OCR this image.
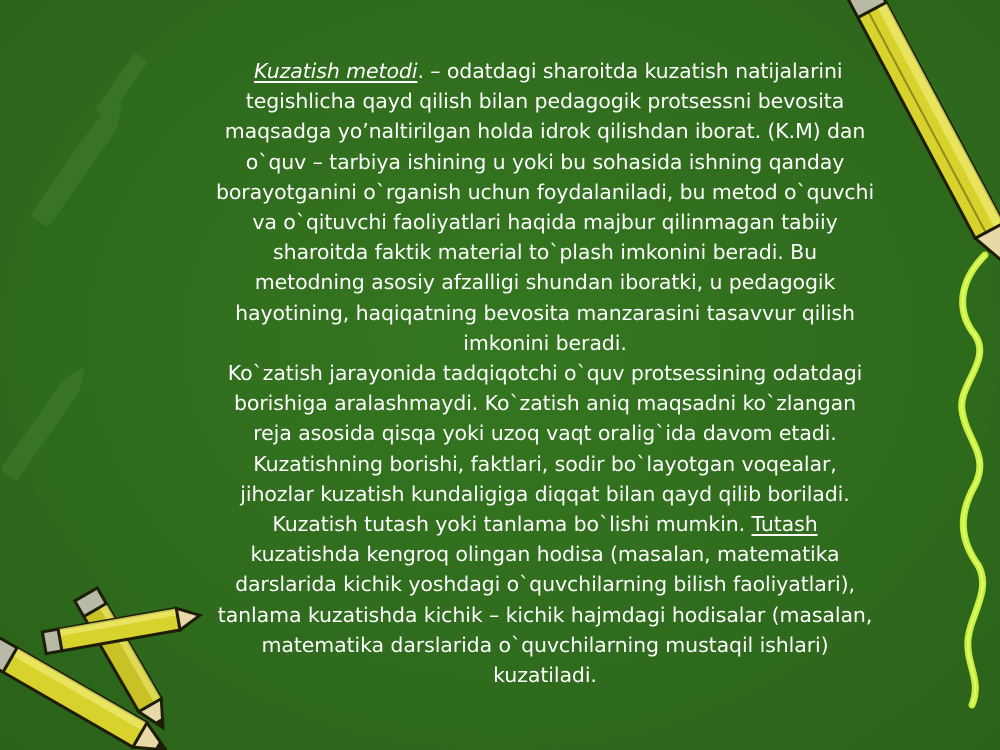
Kuzatish metodi. – odatdagi sharoitda kuzatish natijalarini
tegishlicha qayd qilish bilan pedagogik protsessni bevosita
maqsadga yo’naltirilgan holda idrok qilishdan iborat. (K.M) dan
o`quv – tarbiya ishining u yoki bu sohasida ishning qanday
borayotganini o`rganish uchun foydalaniladi, bu metod o`quvchi
va o`qituvchi faoliyatlari haqida majbur qilinmagan tabiiy
sharoitda faktik material to`plash imkonini beradi. Bu
metodning asosiy afzalligi shundan iboratki, u pedagogik
hayotining, haqiqatning bevosita manzarasini tasavvur qilish
imkonini beradi.
Ko`zatish jarayonida tadqiqotchi o`quv protsessining odatdagi
borishiga aralashmaydi. Ko`zatish aniq maqsadni ko`zlangan
reja asosida qisqa yoki uzoq vaqt oralig`ida davom etadi.
Kuzatishning borishi, faktlari, sodir bo`layotgan voqealar,
jihozlar kuzatish kundaligiga diqqat bilan qayd qilib boriladi.
Kuzatish tutash yoki tanlama bo`lishi mumkin. Tutash
kuzatishda kengroq olingan hodisa (masalan, matematika
darslarida kichik yoshdagi o`quvchilarning bilish faoliyatlari),
tanlama kuzatishda kichik – kichik hajmdagi hodisalar (masalan,
matematika darslarida o`quvchilarning mustaqil ishlari)
kuzatiladi.
